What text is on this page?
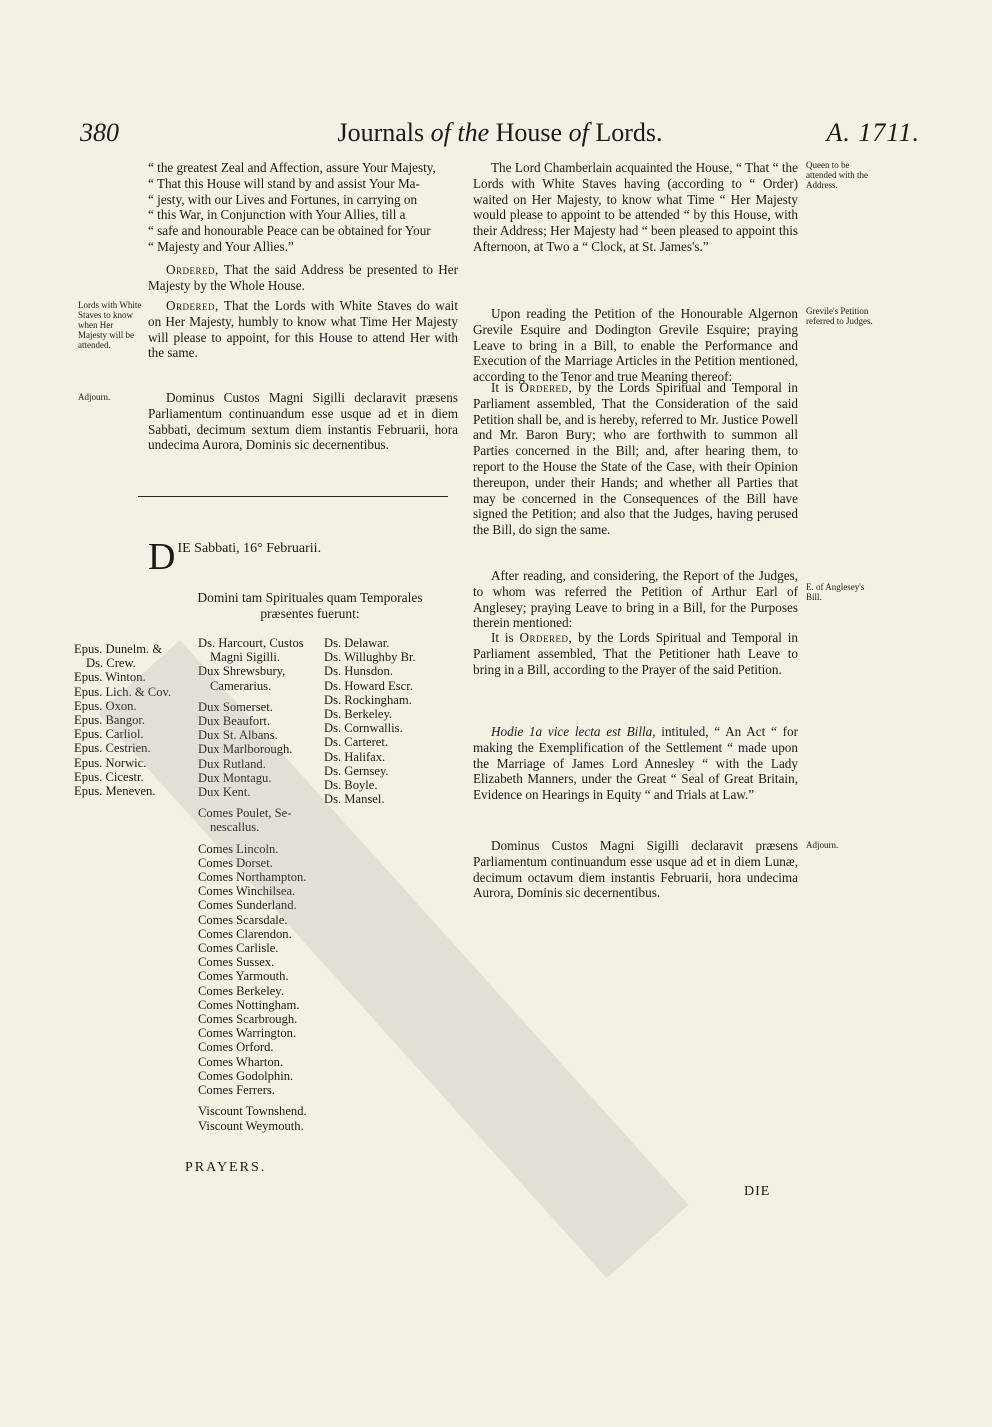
380	Journals of the House of Lords.	A. 1711.
“ the greatest Zeal and Affection, assure Your Majesty,
“ That this House will stand by and assist Your Ma-
“ jesty, with our Lives and Fortunes, in carrying on
“ this War, in Conjunction with Your Allies, till a
“ safe and honourable Peace can be obtained for Your
“ Majesty and Your Allies.”
Ordered, That the said Address be presented to Her Majesty by the Whole House.
Lords with White Staves to know when Her Majesty will be attended.
Ordered, That the Lords with White Staves do wait on Her Majesty, humbly to know what Time Her Majesty will please to appoint, for this House to attend Her with the same.
Adjourn.	Dominus Custos Magni Sigilli declaravit præsens Parliamentum continuandum esse usque ad et in diem Sabbati, decimum sextum diem instantis Februarii, hora undecima Aurora, Dominis sic decernentibus.
D IE Sabbati, 16° Februarii.
Domini tam Spirituales quam Temporales præsentes fuerunt:
Epus. Dunelm. &
Ds. Crew.
Epus. Winton.
Epus. Lich. & Cov.
Epus. Oxon.
Epus. Bangor.
Epus. Carliol.
Epus. Cestrien.
Epus. Norwic.
Epus. Cicestr.
Epus. Meneven.
Ds. Harcourt, Custos
Magni Sigilli.
Dux Shrewsbury,
Camerarius.
Dux Somerset.
Dux Beaufort.
Dux St. Albans.
Dux Marlborough.
Dux Rutland.
Dux Montagu.
Dux Kent.
Comes Poulet, Se-
nescallus.
Comes Lincoln.
Comes Dorset.
Comes Northampton.
Comes Winchilsea.
Comes Sunderland.
Comes Scarsdale.
Comes Clarendon.
Comes Carlisle.
Comes Sussex.
Comes Yarmouth.
Comes Berkeley.
Comes Nottingham.
Comes Scarbrough.
Comes Warrington.
Comes Orford.
Comes Wharton.
Comes Godolphin.
Comes Ferrers.
Viscount Townshend.
Viscount Weymouth.
Ds. Delawar.
Ds. Willughby Br.
Ds. Hunsdon.
Ds. Howard Escr.
Ds. Rockingham.
Ds. Berkeley.
Ds. Cornwallis.
Ds. Carteret.
Ds. Halifax.
Ds. Gernsey.
Ds. Boyle.
Ds. Mansel.
PRAYERS.
The Lord Chamberlain acquainted the House, “ That “ the Lords with White Staves having (according to “ Order) waited on Her Majesty, to know what Time “ Her Majesty would please to appoint to be attended “ by this House, with their Address; Her Majesty had “ been pleased to appoint this Afternoon, at Two a “ Clock, at St. James's.”
Queen to be attended with the Address.
Upon reading the Petition of the Honourable Algernon Grevile Esquire and Dodington Grevile Esquire; praying Leave to bring in a Bill, to enable the Performance and Execution of the Marriage Articles in the Petition mentioned, according to the Tenor and true Meaning thereof:
Grevile's Petition referred to Judges.
It is Ordered, by the Lords Spiritual and Temporal in Parliament assembled, That the Consideration of the said Petition shall be, and is hereby, referred to Mr. Justice Powell and Mr. Baron Bury; who are forthwith to summon all Parties concerned in the Bill; and, after hearing them, to report to the House the State of the Case, with their Opinion thereupon, under their Hands; and whether all Parties that may be concerned in the Consequences of the Bill have signed the Petition; and also that the Judges, having perused the Bill, do sign the same.
After reading, and considering, the Report of the Judges, to whom was referred the Petition of Arthur Earl of Anglesey; praying Leave to bring in a Bill, for the Purposes therein mentioned:
E. of Anglesey's Bill.
It is Ordered, by the Lords Spiritual and Temporal in Parliament assembled, That the Petitioner hath Leave to bring in a Bill, according to the Prayer of the said Petition.
Hodie 1a vice lecta est Billa, intituled, “ An Act “ for making the Exemplification of the Settlement “ made upon the Marriage of James Lord Annesley “ with the Lady Elizabeth Manners, under the Great “ Seal of Great Britain, Evidence on Hearings in Equity “ and Trials at Law.”
Dominus Custos Magni Sigilli declaravit præsens Parliamentum continuandum esse usque ad et in diem Lunæ, decimum octavum diem instantis Februarii, hora undecima Aurora, Dominis sic decernentibus.
Adjourn.
DIE
